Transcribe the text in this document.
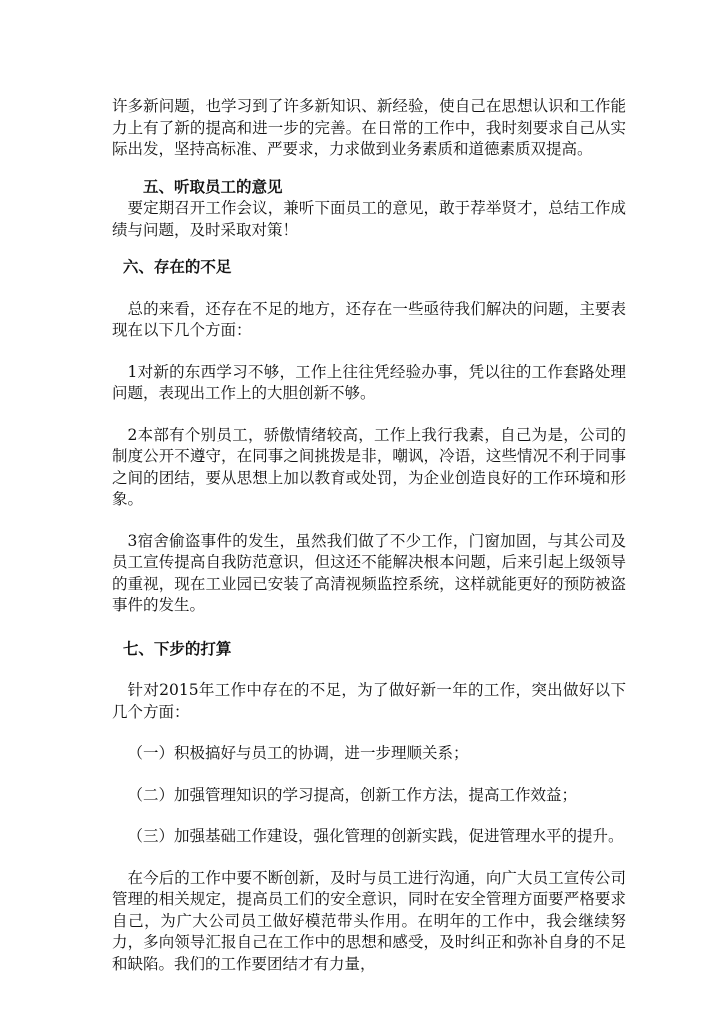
许多新问题，也学习到了许多新知识、新经验，使自己在思想认识和工作能力上有了新的提高和进一步的完善。在日常的工作中，我时刻要求自己从实际出发，坚持高标准、严要求，力求做到业务素质和道德素质双提高。

五、听取员工的意见

要定期召开工作会议，兼听下面员工的意见，敢于荐举贤才，总结工作成绩与问题，及时采取对策！

六、存在的不足

总的来看，还存在不足的地方，还存在一些亟待我们解决的问题，主要表现在以下几个方面：

1对新的东西学习不够，工作上往往凭经验办事，凭以往的工作套路处理问题，表现出工作上的大胆创新不够。

2本部有个别员工，骄傲情绪较高，工作上我行我素，自己为是，公司的制度公开不遵守，在同事之间挑拨是非，嘲讽，冷语，这些情况不利于同事之间的团结，要从思想上加以教育或处罚，为企业创造良好的工作环境和形象。

3宿舍偷盗事件的发生，虽然我们做了不少工作，门窗加固，与其公司及员工宣传提高自我防范意识，但这还不能解决根本问题，后来引起上级领导的重视，现在工业园已安装了高清视频监控系统，这样就能更好的预防被盗事件的发生。

七、下步的打算

针对2015年工作中存在的不足，为了做好新一年的工作，突出做好以下几个方面：

（一）积极搞好与员工的协调，进一步理顺关系；

（二）加强管理知识的学习提高，创新工作方法，提高工作效益；

（三）加强基础工作建设，强化管理的创新实践，促进管理水平的提升。

在今后的工作中要不断创新，及时与员工进行沟通，向广大员工宣传公司管理的相关规定，提高员工们的安全意识，同时在安全管理方面要严格要求自己，为广大公司员工做好模范带头作用。在明年的工作中，我会继续努力，多向领导汇报自己在工作中的思想和感受，及时纠正和弥补自身的不足和缺陷。我们的工作要团结才有力量，
